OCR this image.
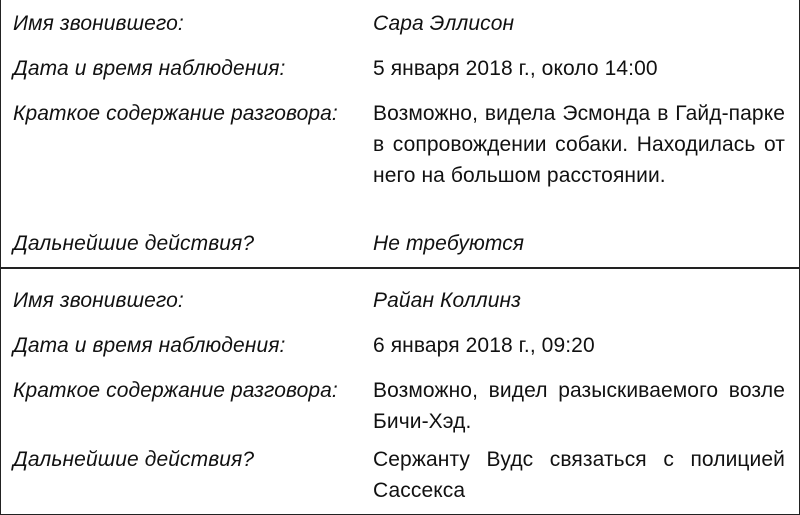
Имя звонившего:	Сара Эллисон
Дата и время наблюдения:	5 января 2018 г., около 14:00
Краткое содержание разговора:	Возможно, видела Эсмонда в Гайд-парке в сопровождении собаки. Находилась от него на большом расстоянии.
Дальнейшие действия?	Не требуются
Имя звонившего:	Райан Коллинз
Дата и время наблюдения:	6 января 2018 г., 09:20
Краткое содержание разговора:	Возможно, видел разыскиваемого возле Бичи-Хэд.
Дальнейшие действия?	Сержанту Вудс связаться с полицией Сассекса
